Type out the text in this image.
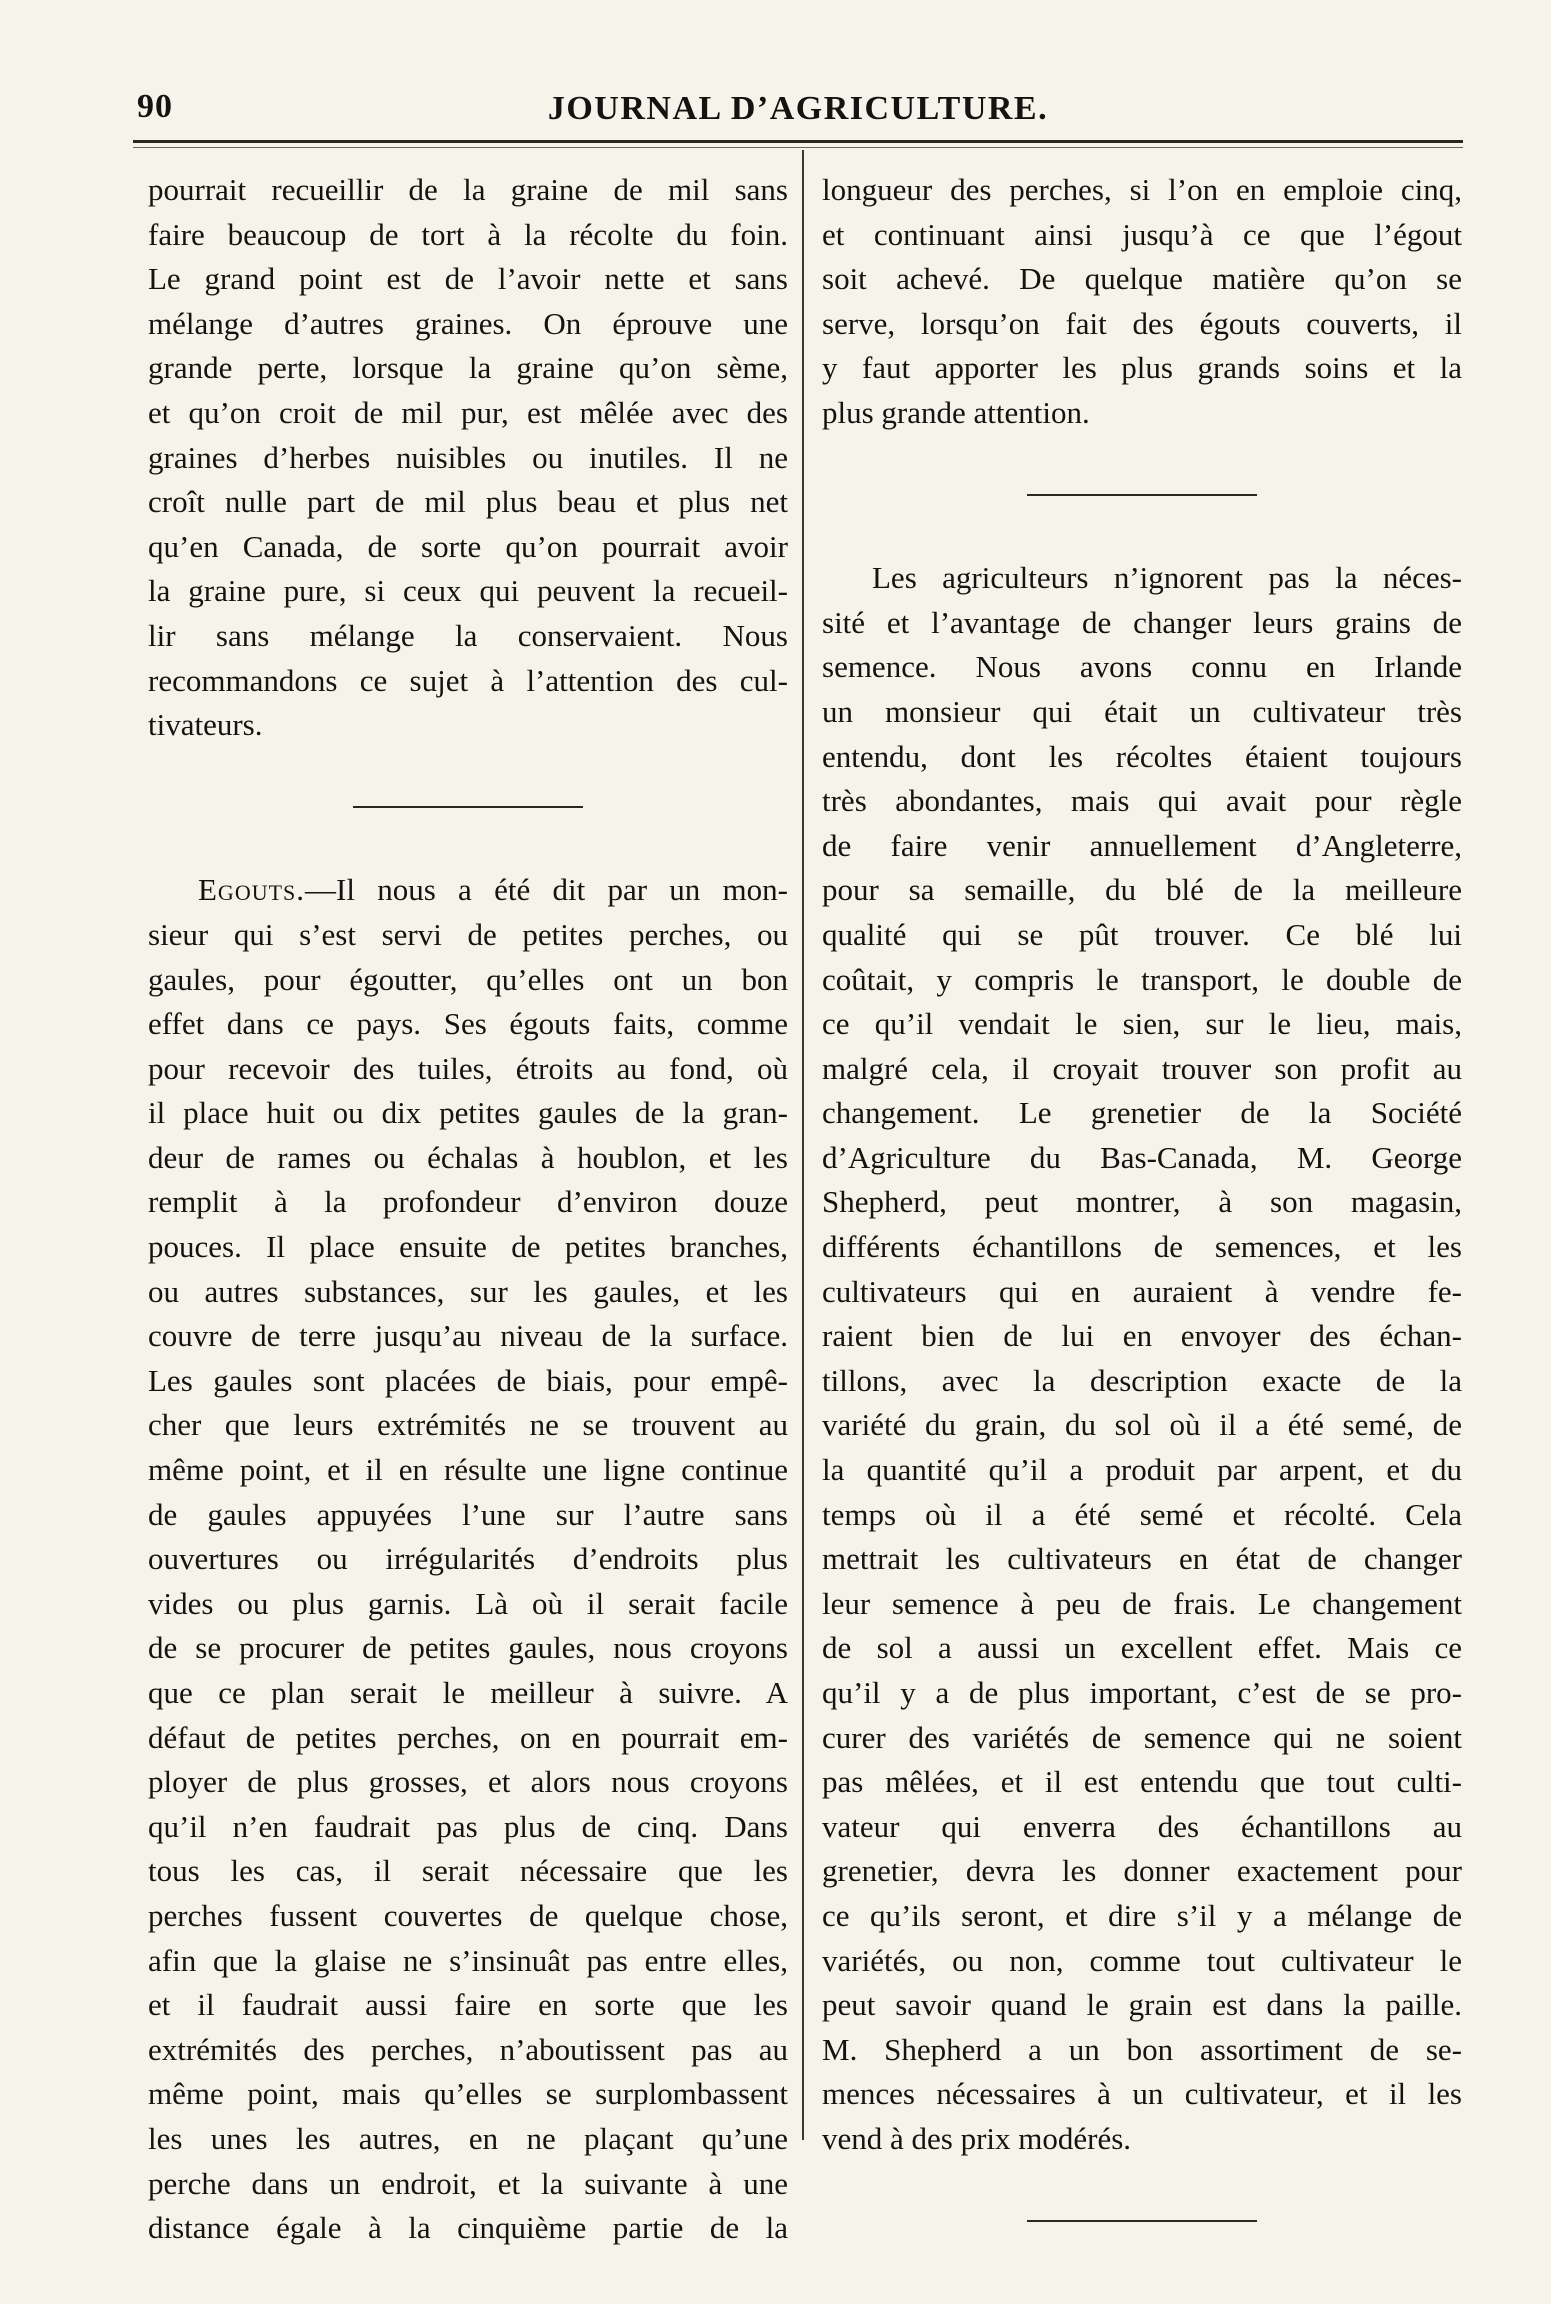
90	JOURNAL D’AGRICULTURE.
pourrait recueillir de la graine de mil sans
faire beaucoup de tort à la récolte du foin.
Le grand point est de l’avoir nette et sans
mélange d’autres graines. On éprouve une
grande perte, lorsque la graine qu’on sème,
et qu’on croit de mil pur, est mêlée avec des
graines d’herbes nuisibles ou inutiles. Il ne
croît nulle part de mil plus beau et plus net
qu’en Canada, de sorte qu’on pourrait avoir
la graine pure, si ceux qui peuvent la recueil-
lir sans mélange la conservaient. Nous
recommandons ce sujet à l’attention des cul-
tivateurs.
Egouts.—Il nous a été dit par un mon-
sieur qui s’est servi de petites perches, ou
gaules, pour égoutter, qu’elles ont un bon
effet dans ce pays. Ses égouts faits, comme
pour recevoir des tuiles, étroits au fond, où
il place huit ou dix petites gaules de la gran-
deur de rames ou échalas à houblon, et les
remplit à la profondeur d’environ douze
pouces. Il place ensuite de petites branches,
ou autres substances, sur les gaules, et les
couvre de terre jusqu’au niveau de la surface.
Les gaules sont placées de biais, pour empê-
cher que leurs extrémités ne se trouvent au
même point, et il en résulte une ligne continue
de gaules appuyées l’une sur l’autre sans
ouvertures ou irrégularités d’endroits plus
vides ou plus garnis. Là où il serait facile
de se procurer de petites gaules, nous croyons
que ce plan serait le meilleur à suivre. A
défaut de petites perches, on en pourrait em-
ployer de plus grosses, et alors nous croyons
qu’il n’en faudrait pas plus de cinq. Dans
tous les cas, il serait nécessaire que les
perches fussent couvertes de quelque chose,
afin que la glaise ne s’insinuât pas entre elles,
et il faudrait aussi faire en sorte que les
extrémités des perches, n’aboutissent pas au
même point, mais qu’elles se surplombassent
les unes les autres, en ne plaçant qu’une
perche dans un endroit, et la suivante à une
distance égale à la cinquième partie de la
longueur des perches, si l’on en emploie cinq,
et continuant ainsi jusqu’à ce que l’égout
soit achevé. De quelque matière qu’on se
serve, lorsqu’on fait des égouts couverts, il
y faut apporter les plus grands soins et la
plus grande attention.
Les agriculteurs n’ignorent pas la néces-
sité et l’avantage de changer leurs grains de
semence. Nous avons connu en Irlande
un monsieur qui était un cultivateur très
entendu, dont les récoltes étaient toujours
très abondantes, mais qui avait pour règle
de faire venir annuellement d’Angleterre,
pour sa semaille, du blé de la meilleure
qualité qui se pût trouver. Ce blé lui
coûtait, y compris le transport, le double de
ce qu’il vendait le sien, sur le lieu, mais,
malgré cela, il croyait trouver son profit au
changement. Le grenetier de la Société
d’Agriculture du Bas-Canada, M. George
Shepherd, peut montrer, à son magasin,
différents échantillons de semences, et les
cultivateurs qui en auraient à vendre fe-
raient bien de lui en envoyer des échan-
tillons, avec la description exacte de la
variété du grain, du sol où il a été semé, de
la quantité qu’il a produit par arpent, et du
temps où il a été semé et récolté. Cela
mettrait les cultivateurs en état de changer
leur semence à peu de frais. Le changement
de sol a aussi un excellent effet. Mais ce
qu’il y a de plus important, c’est de se pro-
curer des variétés de semence qui ne soient
pas mêlées, et il est entendu que tout culti-
vateur qui enverra des échantillons au
grenetier, devra les donner exactement pour
ce qu’ils seront, et dire s’il y a mélange de
variétés, ou non, comme tout cultivateur le
peut savoir quand le grain est dans la paille.
M. Shepherd a un bon assortiment de se-
mences nécessaires à un cultivateur, et il les
vend à des prix modérés.
